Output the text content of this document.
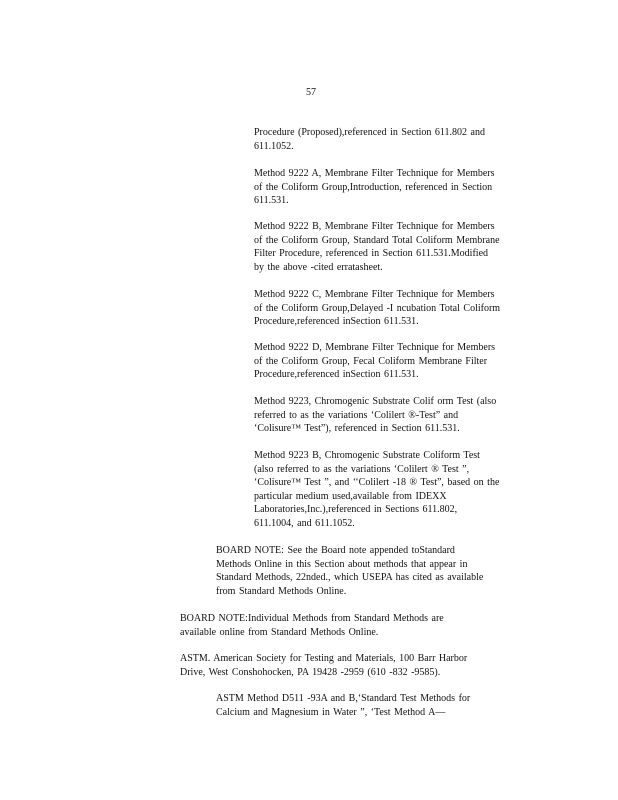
57
Procedure (Proposed),referenced in Section 611.802 and
611.1052.
Method 9222 A, Membrane Filter Technique for Members
of the Coliform Group,Introduction, referenced in Section
611.531.
Method 9222 B, Membrane Filter Technique for Members
of the Coliform Group, Standard Total Coliform Membrane
Filter Procedure, referenced in Section 611.531.Modified
by the above -cited erratasheet.
Method 9222 C, Membrane Filter Technique for Members
of the Coliform Group,Delayed -I ncubation Total Coliform
Procedure,referenced inSection 611.531.
Method 9222 D, Membrane Filter Technique for Members
of the Coliform Group, Fecal Coliform Membrane Filter
Procedure,referenced inSection 611.531.
Method 9223, Chromogenic Substrate Colif orm Test (also
referred to as the variations ‘Colilert ®-Test” and
‘Colisure™ Test”), referenced in Section 611.531.
Method 9223 B, Chromogenic Substrate Coliform Test
(also referred to as the variations ‘Colilert ® Test ”,
‘Colisure™ Test ”, and ‘‘Colilert -18 ® Test”, based on the
particular medium used,available from IDEXX
Laboratories,Inc.),referenced in Sections 611.802,
611.1004, and 611.1052.
BOARD NOTE: See the Board note appended toStandard
Methods Online in this Section about methods that appear in
Standard Methods, 22nded., which USEPA has cited as available
from Standard Methods Online.
BOARD NOTE:Individual Methods from Standard Methods are
available online from Standard Methods Online.
ASTM. American Society for Testing and Materials, 100 Barr Harbor
Drive, West Conshohocken, PA 19428 -2959 (610 -832 -9585).
ASTM Method D511 -93A and B,‘Standard Test Methods for
Calcium and Magnesium in Water ”, ‘Test Method A—
